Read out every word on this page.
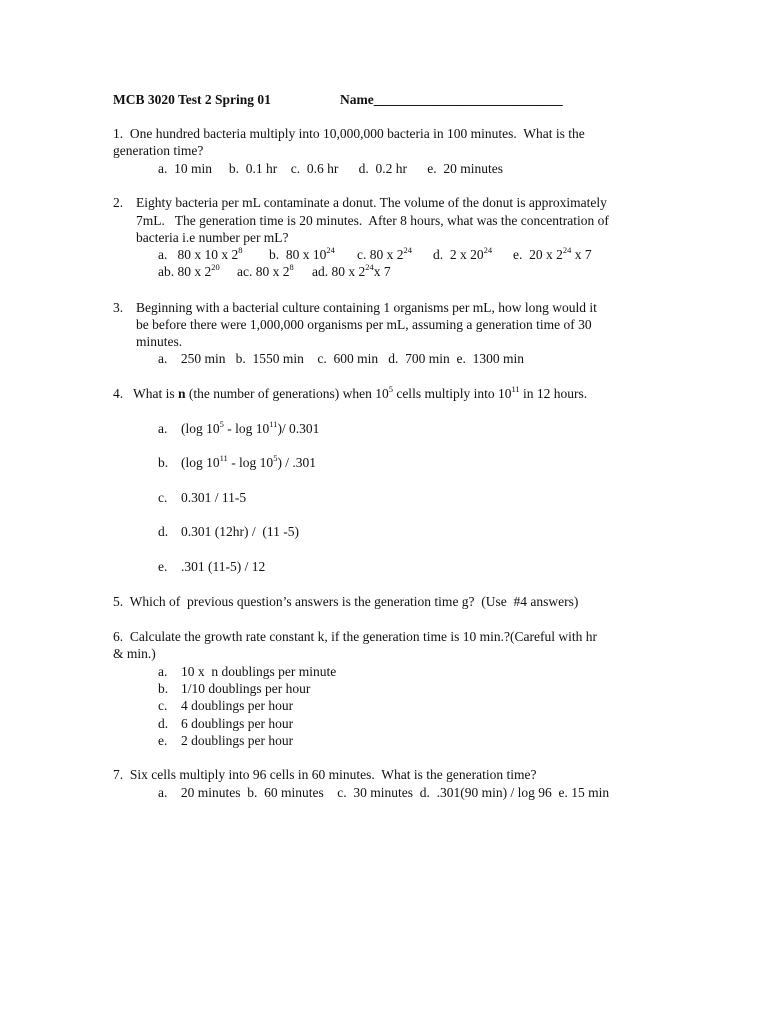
MCB 3020 Test 2 Spring 01	Name____________________________
1.  One hundred bacteria multiply into 10,000,000 bacteria in 100 minutes.  What is the
generation time?
a.  10 min     b.  0.1 hr    c.  0.6 hr      d.  0.2 hr      e.  20 minutes
2. Eighty bacteria per mL contaminate a donut. The volume of the donut is approximately
7mL.   The generation time is 20 minutes.  After 8 hours, what was the concentration of
bacteria i.e number per mL?
a.   80 x 10 x $2^8$ b.  80 x $10^{24}$ c. 80 x $2^{24}$ d.  2 x $20^{24}$ e.  20 x $2^{24}$ x 7
ab. 80 x $2^{20}$ ac. 80 x $2^8$ ad. 80 x $2^{24}x$ 7
3. Beginning with a bacterial culture containing 1 organisms per mL, how long would it
be before there were 1,000,000 organisms per mL, assuming a generation time of 30
minutes.
a.    250 min   b.  1550 min    c.  600 min   d.  700 min  e.  1300 min
4.   What is n (the number of generations) when $10^5$ cells multiply into $10^{11}$ in 12 hours.
a. (log $10^5$ - $\log 10^{11})/$ 0.301
b. (log $10^{11}$ - $\log 10^5) / .301$
c. 0.301 / 11-5
d. 0.301 (12hr) /  (11 -5)
e. .301 (11-5) / 12
5.  Which of  previous question’s answers is the generation time g?  (Use  #4 answers)
6.  Calculate the growth rate constant k, if the generation time is 10 min.?(Careful with hr
& min.)
a. 10 x  n doublings per minute
b. 1/10 doublings per hour
c. 4 doublings per hour
d. 6 doublings per hour
e. 2 doublings per hour
7.  Six cells multiply into 96 cells in 60 minutes.  What is the generation time?
a.    20 minutes  b.  60 minutes    c.  30 minutes  d.  .301(90 min) / log 96  e. 15 min
